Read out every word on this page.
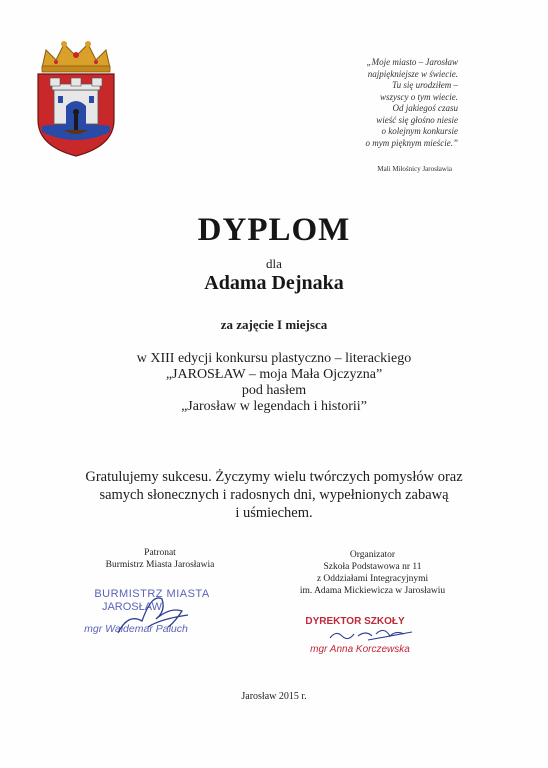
„Moje miasto – Jarosław
najpiękniejsze w świecie.
Tu się urodziłem –
wszyscy o tym wiecie.
Od jakiegoś czasu
wieść się głośno niesie
o kolejnym konkursie
o mym pięknym mieście.”
Mali Miłośnicy Jarosławia
DYPLOM
dla
Adama Dejnaka
za zajęcie I miejsca
w XIII edycji konkursu plastyczno – literackiego
„JAROSŁAW – moja Mała Ojczyzna”
pod hasłem
„Jarosław w legendach i historii”
Gratulujemy sukcesu. Życzymy wielu twórczych pomysłów oraz
samych słonecznych i radosnych dni, wypełnionych zabawą
i uśmiechem.
Patronat
Burmistrz Miasta Jarosławia
BURMISTRZ MIASTA
JAROSŁAW
mgr Waldemar Paluch
Organizator
Szkoła Podstawowa nr 11
z Oddziałami Integracyjnymi
im. Adama Mickiewicza w Jarosławiu
DYREKTOR SZKOŁY
mgr Anna Korczewska
Jarosław 2015 r.
